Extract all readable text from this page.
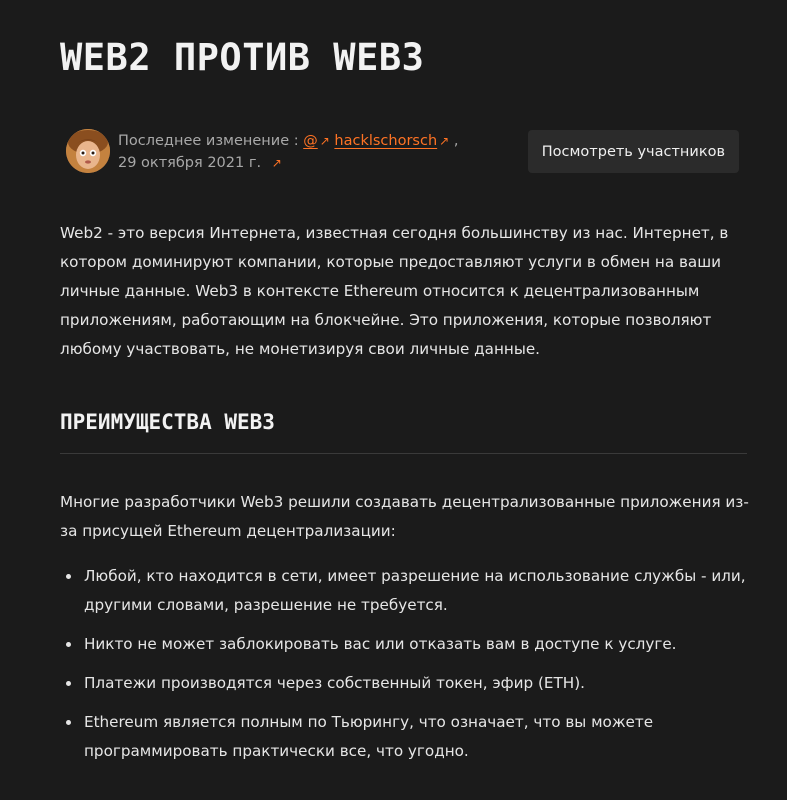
WEB2 ПРОТИВ WEB3
Последнее изменение : @ ↗ hacklschorsch ↗ ,
29 октября 2021 г. ↗
Посмотреть участников

Web2 - это версия Интернета, известная сегодня большинству из нас. Интернет, в котором доминируют компании, которые предоставляют услуги в обмен на ваши личные данные. Web3 в контексте Ethereum относится к децентрализованным приложениям, работающим на блокчейне. Это приложения, которые позволяют любому участвовать, не монетизируя свои личные данные.

ПРЕИМУЩЕСТВА WEB3

Многие разработчики Web3 решили создавать децентрализованные приложения из-за присущей Ethereum децентрализации:

Любой, кто находится в сети, имеет разрешение на использование службы - или, другими словами, разрешение не требуется.
Никто не может заблокировать вас или отказать вам в доступе к услуге.
Платежи производятся через собственный токен, эфир (ETH).
Ethereum является полным по Тьюрингу, что означает, что вы можете программировать практически все, что угодно.
